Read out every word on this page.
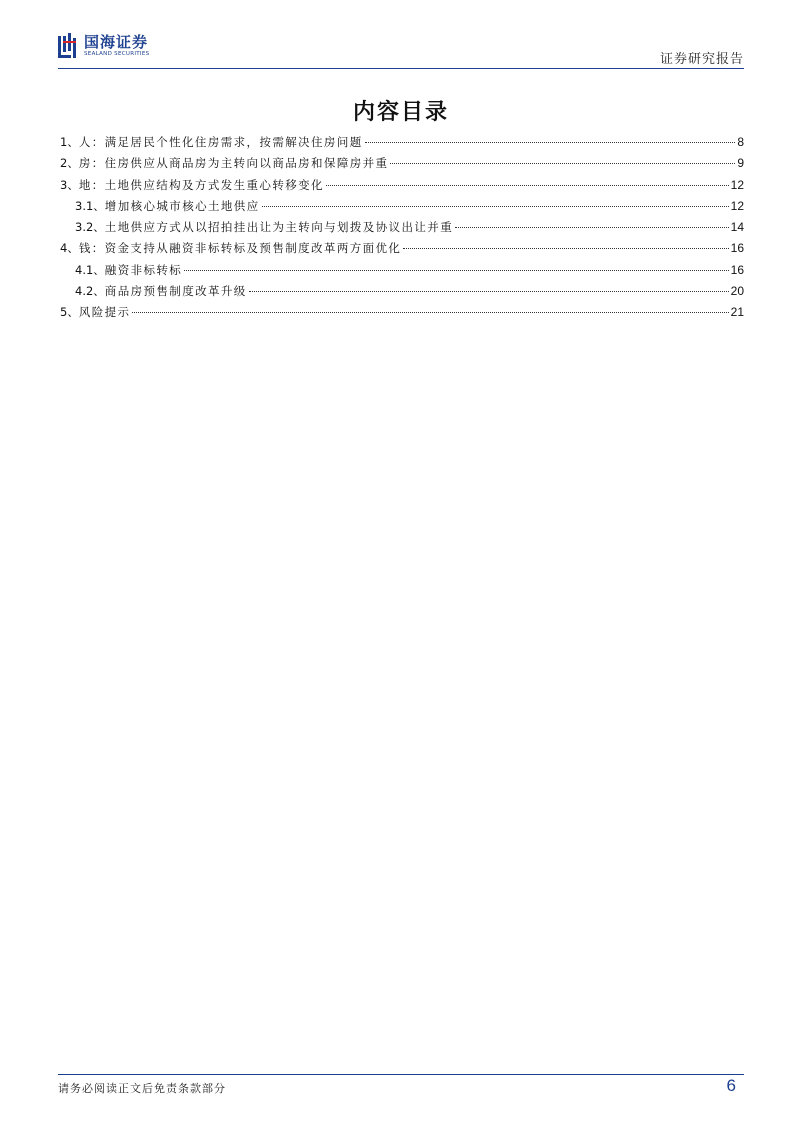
国海证券
SEALAND SECURITIES	证券研究报告
内容目录
1、 人：满足居民个性化住房需求，按需解决住房问题	8
2、 房：住房供应从商品房为主转向以商品房和保障房并重	9
3、 地：土地供应结构及方式发生重心转移变化	12
3.1、 增加核心城市核心土地供应	12
3.2、 土地供应方式从以招拍挂出让为主转向与划拨及协议出让并重	14
4、 钱：资金支持从融资非标转标及预售制度改革两方面优化	16
4.1、 融资非标转标	16
4.2、 商品房预售制度改革升级	20
5、 风险提示	21
请务必阅读正文后免责条款部分	6
